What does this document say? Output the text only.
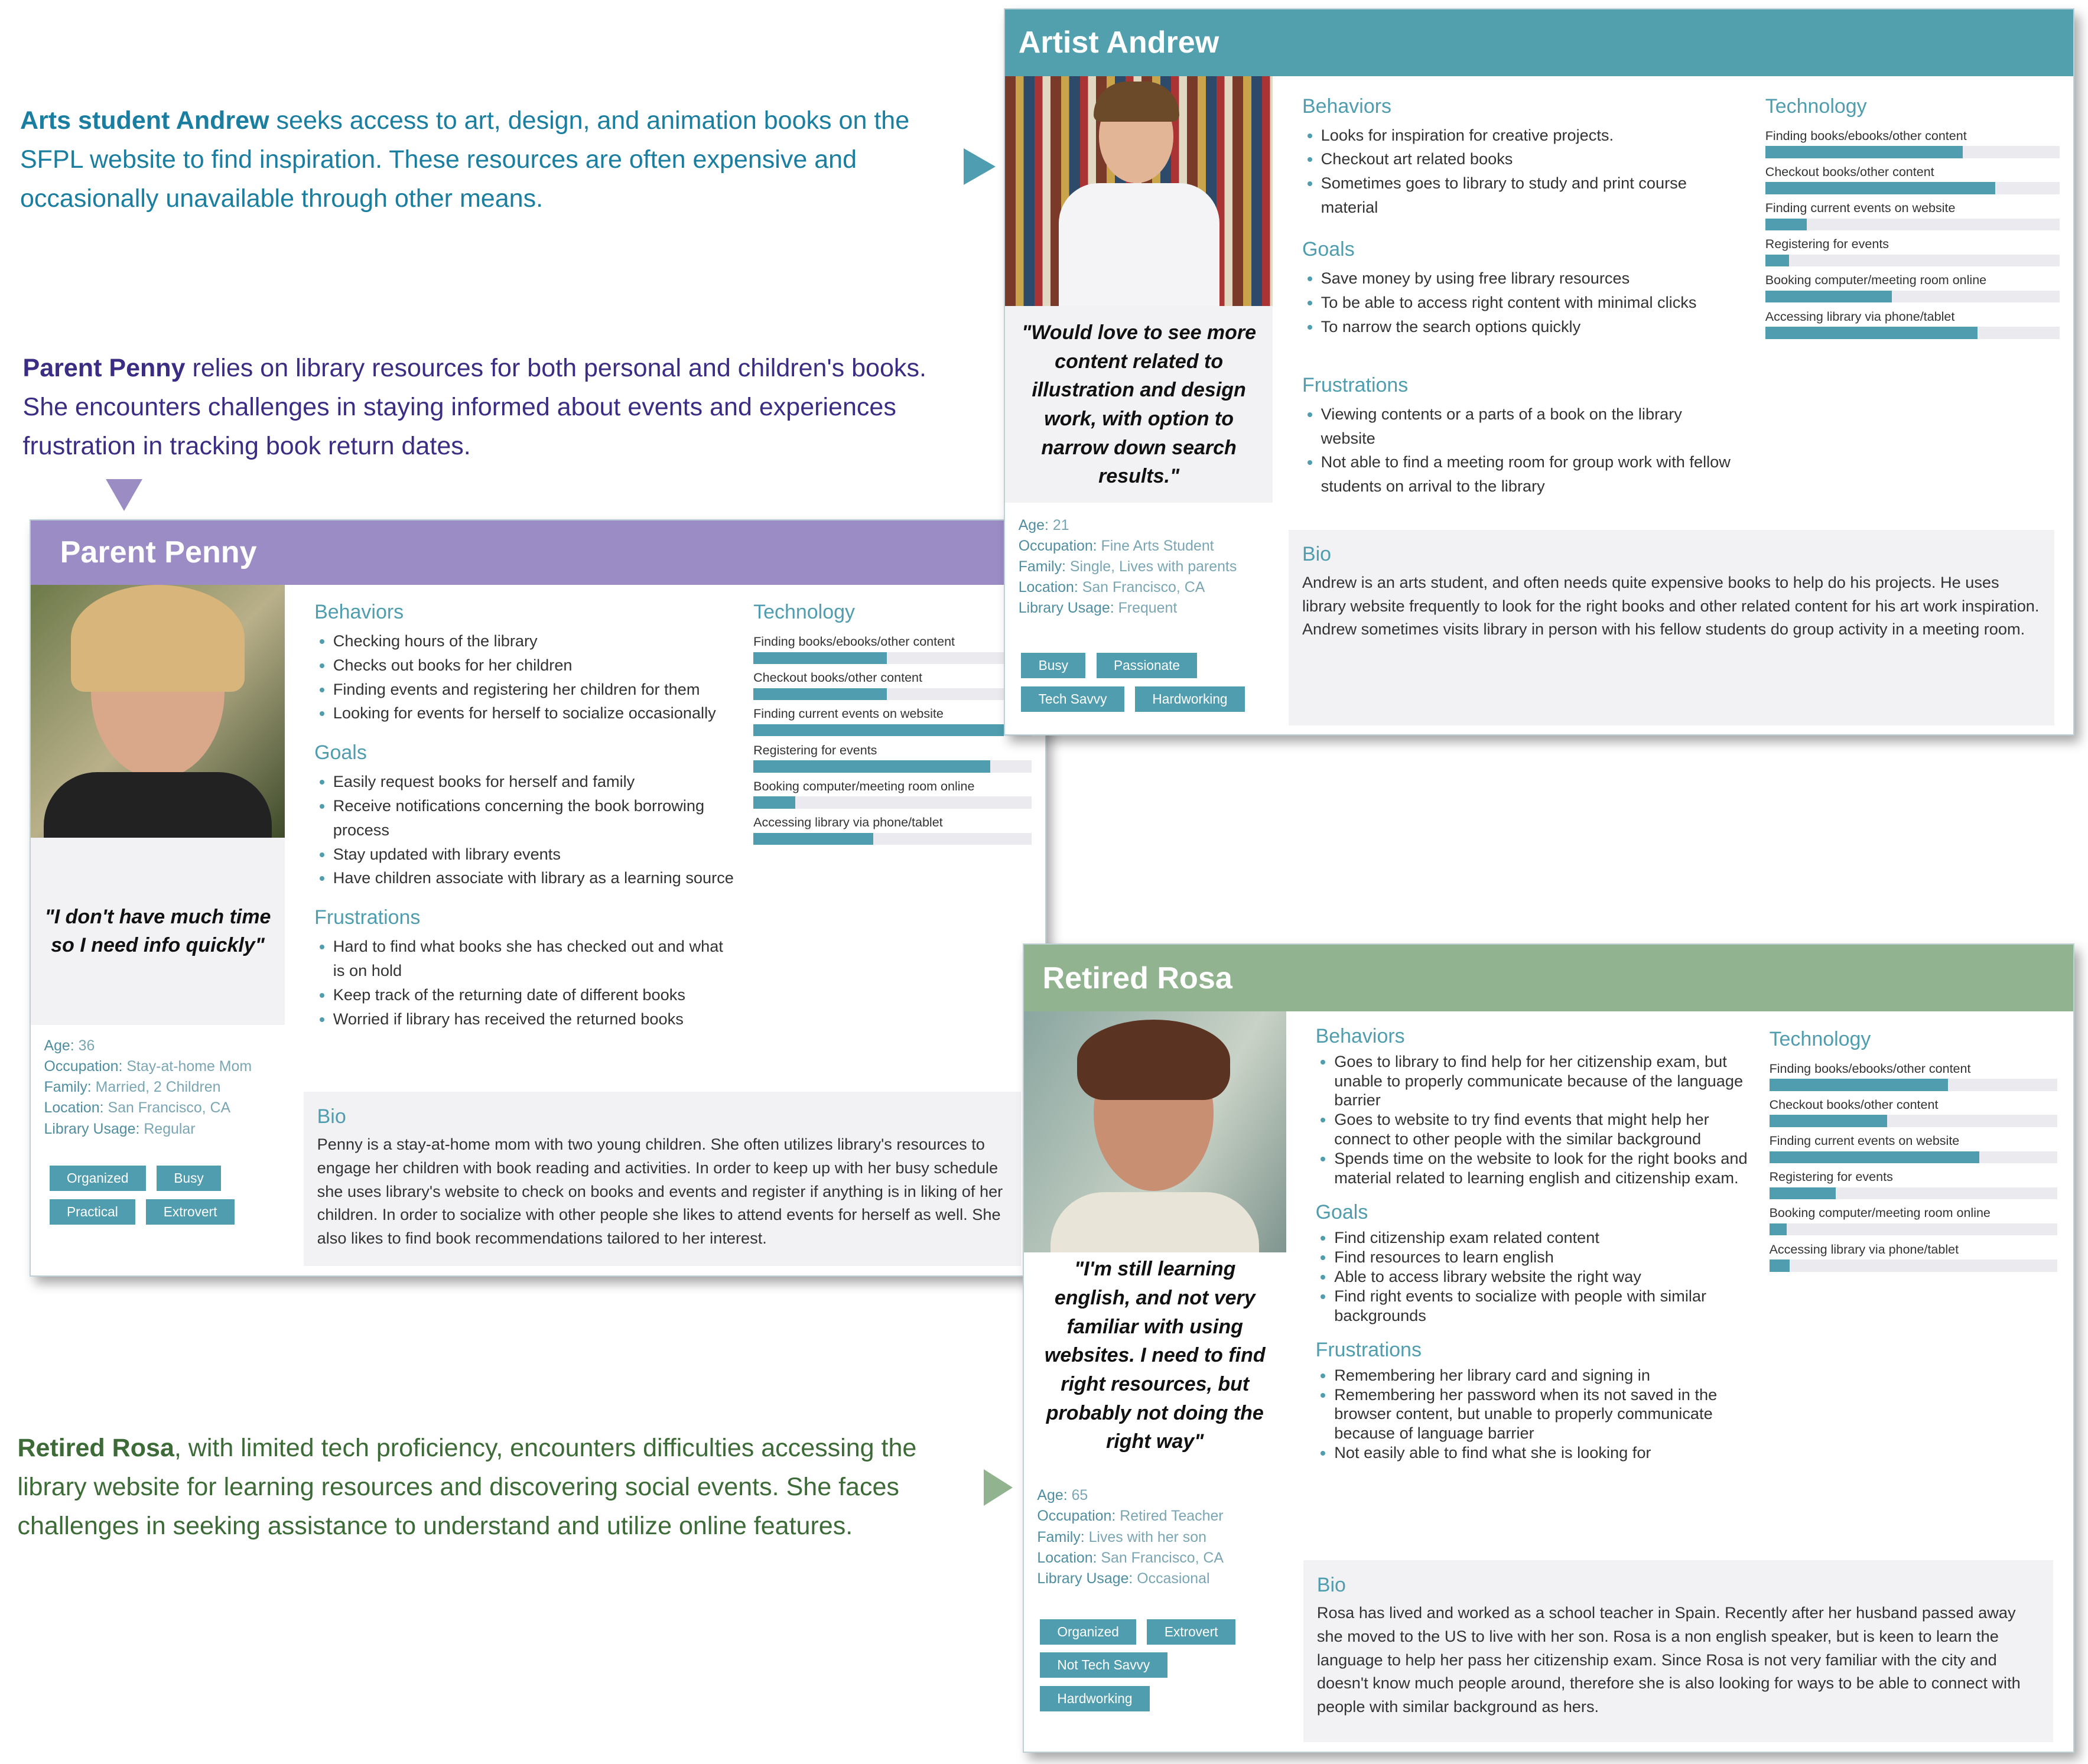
Arts student Andrew seeks access to art, design, and animation books on the SFPL website to find inspiration. These resources are often expensive and occasionally unavailable through other means.
Parent Penny relies on library resources for both personal and children's books. She encounters challenges in staying informed about events and experiences frustration in tracking book return dates.
Retired Rosa, with limited tech proficiency, encounters difficulties accessing the library website for learning resources and discovering social events. She faces challenges in seeking assistance to understand and utilize online features.
Parent Penny
"I don't have much time so I need info quickly"
Age: 36
Occupation: Stay-at-home Mom
Family: Married, 2 Children
Location: San Francisco, CA
Library Usage: Regular
Organized	Busy
Practical	Extrovert
Behaviors
• Checking hours of the library
• Checks out books for her children
• Finding events and registering her children for them
• Looking for events for herself to socialize occasionally
Goals
• Easily request books for herself and family
• Receive notifications concerning the book borrowing process
• Stay updated with library events
• Have children associate with library as a learning source
Frustrations
• Hard to find what books she has checked out and what is on hold
• Keep track of the returning date of different books
• Worried if library has received the returned books
Technology
Finding books/ebooks/other content
Checkout books/other content
Finding current events on website
Registering for events
Booking computer/meeting room online
Accessing library via phone/tablet
Bio
Penny is a stay-at-home mom with two young children. She often utilizes library's resources to engage her children with book reading and activities. In order to keep up with her busy schedule she uses library's website to check on books and events and register if anything is in liking of her children. In order to socialize with other people she likes to attend events for herself as well. She also likes to find book recommendations tailored to her interest.
Artist Andrew
"Would love to see more content related to illustration and design work, with option to narrow down search results."
Age: 21
Occupation: Fine Arts Student
Family: Single, Lives with parents
Location: San Francisco, CA
Library Usage: Frequent
Busy	Passionate
Tech Savvy	Hardworking
Behaviors
• Looks for inspiration for creative projects.
• Checkout art related books
• Sometimes goes to library to study and print course material
Goals
• Save money by using free library resources
• To be able to access right content with minimal clicks
• To narrow the search options quickly
Frustrations
• Viewing contents or a parts of a book on the library website
• Not able to find a meeting room for group work with fellow students on arrival to the library
Technology
Finding books/ebooks/other content
Checkout books/other content
Finding current events on website
Registering for events
Booking computer/meeting room online
Accessing library via phone/tablet
Bio
Andrew is an arts student, and often needs quite expensive books to help do his projects. He uses library website frequently to look for the right books and other related content for his art work inspiration. Andrew sometimes visits library in person with his fellow students do group activity in a meeting room.
Retired Rosa
"I'm still learning english, and not very familiar with using websites. I need to find right resources, but probably not doing the right way"
Age: 65
Occupation: Retired Teacher
Family: Lives with her son
Location: San Francisco, CA
Library Usage: Occasional
Organized	Extrovert
Not Tech Savvy
Hardworking
Behaviors
• Goes to library to find help for her citizenship exam, but unable to properly communicate because of the language barrier
• Goes to website to try find events that might help her connect to other people with the similar background
• Spends time on the website to look for the right books and material related to learning english and citizenship exam.
Goals
• Find citizenship exam related content
• Find resources to learn english
• Able to access library website the right way
• Find right events to socialize with people with similar backgrounds
Frustrations
• Remembering her library card and signing in
• Remembering her password when its not saved in the browser content, but unable to properly communicate because of language barrier
• Not easily able to find what she is looking for
Technology
Finding books/ebooks/other content
Checkout books/other content
Finding current events on website
Registering for events
Booking computer/meeting room online
Accessing library via phone/tablet
Bio
Rosa has lived and worked as a school teacher in Spain. Recently after her husband passed away she moved to the US to live with her son. Rosa is a non english speaker, but is keen to learn the language to help her pass her citizenship exam. Since Rosa is not very familiar with the city and doesn't know much people around, therefore she is also looking for ways to be able to connect with people with similar background as hers.
